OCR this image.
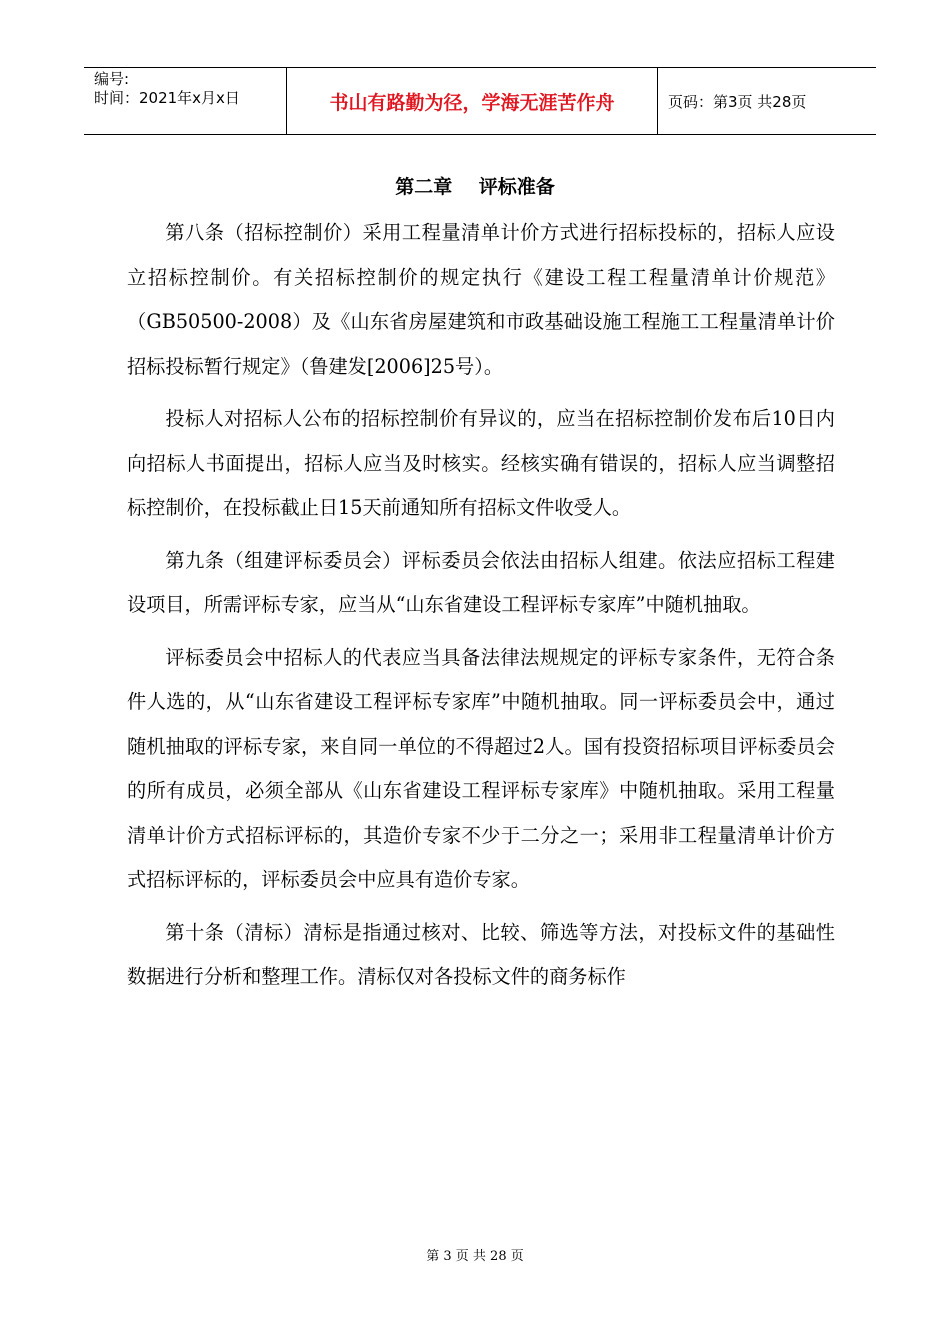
编号:
时间：2021年x月x日	书山有路勤为径，学海无涯苦作舟	页码：第3页 共28页
第二章    评标准备

第八条（招标控制价）采用工程量清单计价方式进行招标投标的，招标人应设立招标控制价。有关招标控制价的规定执行《建设工程工程量清单计价规范》（GB50500-2008）及《山东省房屋建筑和市政基础设施工程施工工程量清单计价招标投标暂行规定》（鲁建发[2006]25号）。

投标人对招标人公布的招标控制价有异议的，应当在招标控制价发布后10日内向招标人书面提出，招标人应当及时核实。经核实确有错误的，招标人应当调整招标控制价，在投标截止日15天前通知所有招标文件收受人。

第九条（组建评标委员会）评标委员会依法由招标人组建。依法应招标工程建设项目，所需评标专家，应当从“山东省建设工程评标专家库”中随机抽取。

评标委员会中招标人的代表应当具备法律法规规定的评标专家条件，无符合条件人选的，从“山东省建设工程评标专家库”中随机抽取。同一评标委员会中，通过随机抽取的评标专家，来自同一单位的不得超过2人。国有投资招标项目评标委员会的所有成员，必须全部从《山东省建设工程评标专家库》中随机抽取。采用工程量清单计价方式招标评标的，其造价专家不少于二分之一；采用非工程量清单计价方式招标评标的，评标委员会中应具有造价专家。

第十条（清标）清标是指通过核对、比较、筛选等方法，对投标文件的基础性数据进行分析和整理工作。清标仅对各投标文件的商务标作

第 3 页 共 28 页
